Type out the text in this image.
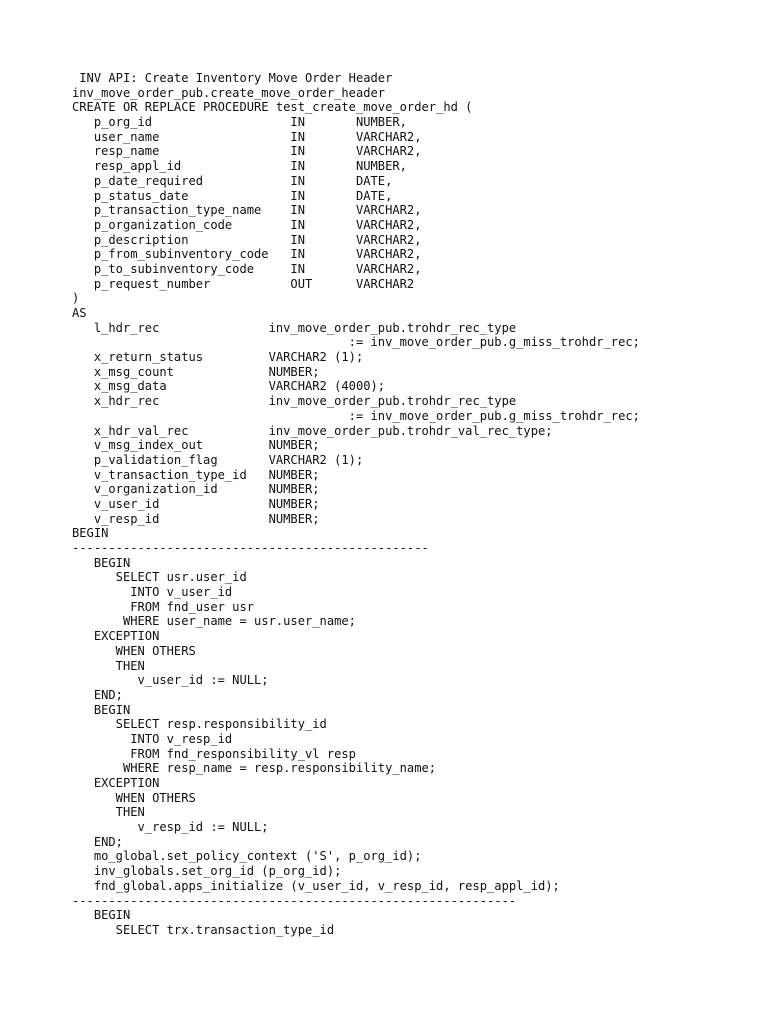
INV API: Create Inventory Move Order Header
inv_move_order_pub.create_move_order_header
CREATE OR REPLACE PROCEDURE test_create_move_order_hd (
p_org_id                   IN       NUMBER,
user_name                  IN       VARCHAR2,
resp_name                  IN       VARCHAR2,
resp_appl_id               IN       NUMBER,
p_date_required            IN       DATE,
p_status_date              IN       DATE,
p_transaction_type_name    IN       VARCHAR2,
p_organization_code        IN       VARCHAR2,
p_description              IN       VARCHAR2,
p_from_subinventory_code   IN       VARCHAR2,
p_to_subinventory_code     IN       VARCHAR2,
p_request_number           OUT      VARCHAR2
)
AS
l_hdr_rec               inv_move_order_pub.trohdr_rec_type
:= inv_move_order_pub.g_miss_trohdr_rec;
x_return_status         VARCHAR2 (1);
x_msg_count             NUMBER;
x_msg_data              VARCHAR2 (4000);
x_hdr_rec               inv_move_order_pub.trohdr_rec_type
:= inv_move_order_pub.g_miss_trohdr_rec;
x_hdr_val_rec           inv_move_order_pub.trohdr_val_rec_type;
v_msg_index_out         NUMBER;
p_validation_flag       VARCHAR2 (1);
v_transaction_type_id   NUMBER;
v_organization_id       NUMBER;
v_user_id               NUMBER;
v_resp_id               NUMBER;
BEGIN
-------------------------------------------------
BEGIN
SELECT usr.user_id
INTO v_user_id
FROM fnd_user usr
WHERE user_name = usr.user_name;
EXCEPTION
WHEN OTHERS
THEN
v_user_id := NULL;
END;
BEGIN
SELECT resp.responsibility_id
INTO v_resp_id
FROM fnd_responsibility_vl resp
WHERE resp_name = resp.responsibility_name;
EXCEPTION
WHEN OTHERS
THEN
v_resp_id := NULL;
END;
mo_global.set_policy_context ('S', p_org_id);
inv_globals.set_org_id (p_org_id);
fnd_global.apps_initialize (v_user_id, v_resp_id, resp_appl_id);
-------------------------------------------------------------
BEGIN
SELECT trx.transaction_type_id
